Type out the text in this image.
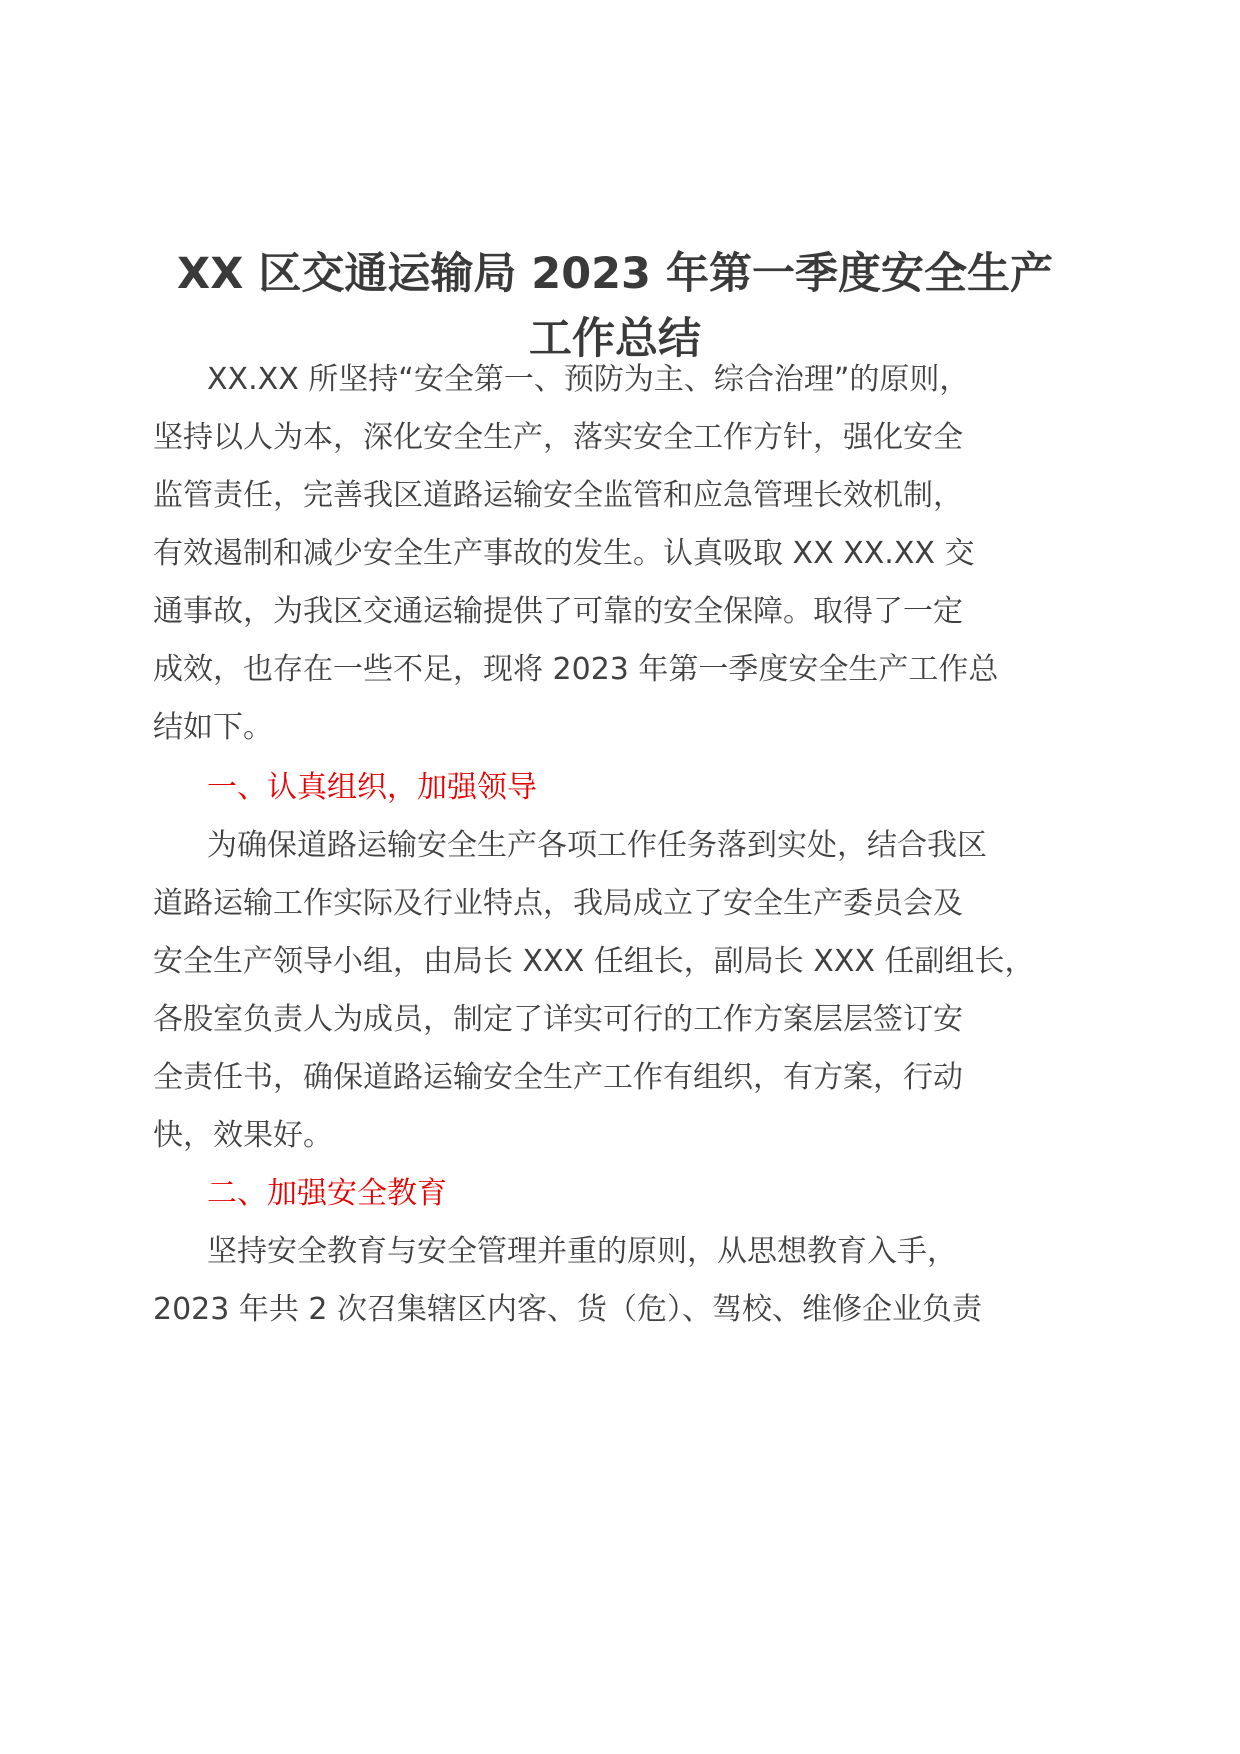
XX 区交通运输局 2023 年第一季度安全生产
工作总结

XX.XX 所坚持“安全第一、预防为主、综合治理”的原则，

坚持以人为本，深化安全生产，落实安全工作方针，强化安全

监管责任，完善我区道路运输安全监管和应急管理长效机制，

有效遏制和减少安全生产事故的发生。认真吸取 XX XX.XX 交

通事故，为我区交通运输提供了可靠的安全保障。取得了一定

成效，也存在一些不足，现将 2023 年第一季度安全生产工作总

结如下。

一、认真组织，加强领导

为确保道路运输安全生产各项工作任务落到实处，结合我区

道路运输工作实际及行业特点，我局成立了安全生产委员会及

安全生产领导小组，由局长 XXX 任组长，副局长 XXX 任副组长，

各股室负责人为成员，制定了详实可行的工作方案层层签订安

全责任书，确保道路运输安全生产工作有组织，有方案，行动

快，效果好。

二、加强安全教育

坚持安全教育与安全管理并重的原则，从思想教育入手，

2023 年共 2 次召集辖区内客、货（危）、驾校、维修企业负责
